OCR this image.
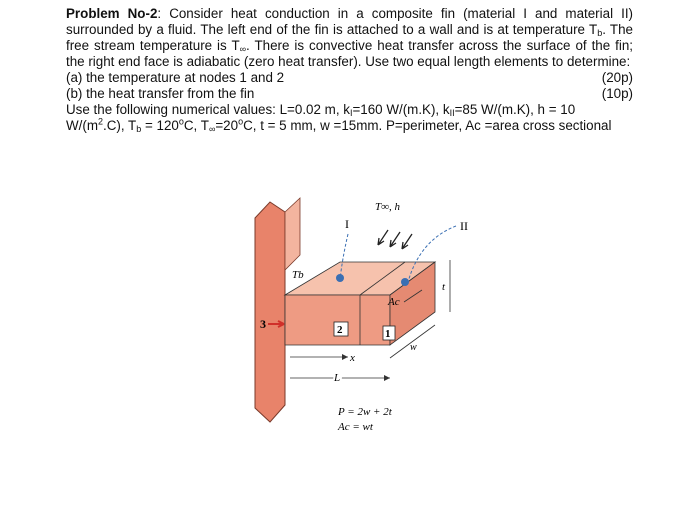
Problem No-2: Consider heat conduction in a composite fin (material I and material II) surrounded by a fluid. The left end of the fin is attached to a wall and is at temperature $T_b$. The free stream temperature is $T_\infty$. There is convective heat transfer across the surface of the fin; the right end face is adiabatic (zero heat transfer). Use two equal length elements to determine:

(a) the temperature at nodes 1 and 2	(20p)
(b) the heat transfer from the fin	(10p)

Use the following numerical values: L=0.02 m, $k_I=160$ W/(m.K), $k_{II}=85$ W/(m.K), h = 10 $W/(m^2.C)$, $T_b = 120^oC$, $T_\infty=20^oC$, t = 5 mm, w =15mm. P=perimeter, Ac =area cross sectional

I	II
T∞, h
Tb
Ac
t
w
3	2	1
x
L
P = 2w + 2t
Ac = wt
